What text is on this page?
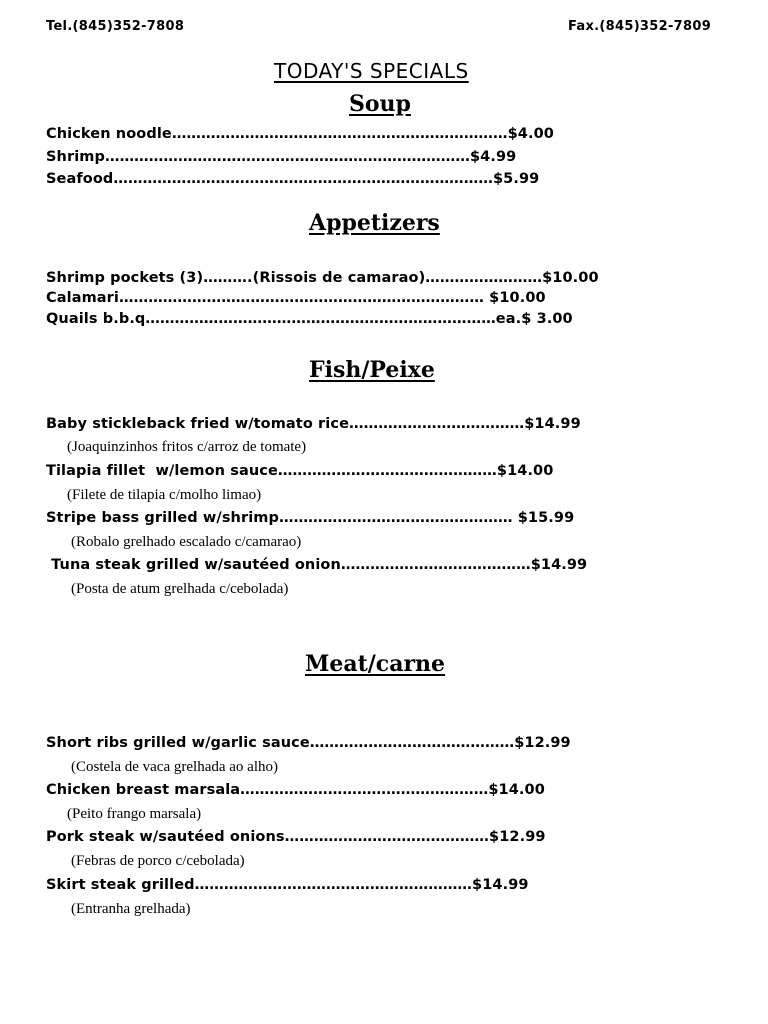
Tel.(845)352-7808	Fax.(845)352-7809
TODAY'S SPECIALS
Soup
Chicken noodle……………………………………………………………$4.00
Shrimp…………………………………………………………………$4.99
Seafood……………………………………………………………………$5.99
Appetizers
Shrimp pockets (3)……….(Rissois de camarao)……………………$10.00
Calamari………………………………………………………………… $10.00
Quails b.b.q………………………………………………………………ea.$ 3.00
Fish/Peixe
Baby stickleback fried w/tomato rice………………………………$14.99
(Joaquinzinhos fritos c/arroz de tomate)
Tilapia fillet  w/lemon sauce………………………………………$14.00
(Filete de tilapia c/molho limao)
Stripe bass grilled w/shrimp………………………………………… $15.99
(Robalo grelhado escalado c/camarao)
Tuna steak grilled w/sautéed onion…………………………………$14.99
(Posta de atum grelhada c/cebolada)
Meat/carne
Short ribs grilled w/garlic sauce……………………………………$12.99
(Costela de vaca grelhada ao alho)
Chicken breast marsala……………………………………………$14.00
(Peito frango marsala)
Pork steak w/sautéed onions……………………………………$12.99
(Febras de porco c/cebolada)
Skirt steak grilled…………………………………………………$14.99
(Entranha grelhada)
